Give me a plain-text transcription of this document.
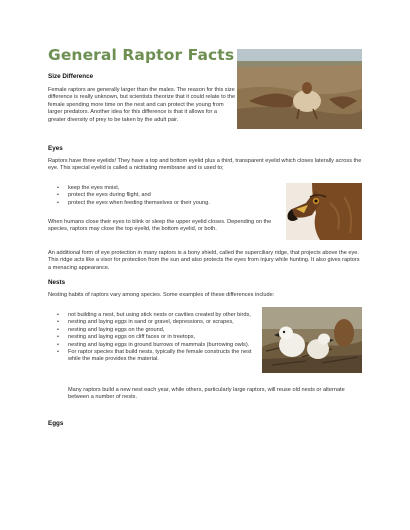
General Raptor Facts
Size Difference

Female raptors are generally larger than the males. The reason for this size difference is really unknown, but scientists theorize that it could relate to the female spending more time on the nest and can protect the young from larger predators. Another idea for this difference is that it allows for a greater diversity of prey to be taken by the adult pair.

Eyes

Raptors have three eyelids! They have a top and bottom eyelid plus a third, transparent eyelid which closes laterally across the eye. This special eyelid is called a nictitating membrane and is used to;

• keep the eyes moist,
• protect the eyes during flight, and
• protect the eyes when feeding themselves or their young.

When humans close their eyes to blink or sleep the upper eyelid closes. Depending on the species, raptors may close the top eyelid, the bottom eyelid, or both.

An additional form of eye protection in many raptors is a bony shield, called the superciliary ridge, that projects above the eye. This ridge acts like a visor for protection from the sun and also protects the eyes from injury while hunting. It also gives raptors a menacing appearance.

Nests

Nesting habits of raptors vary among species. Some examples of these differences include:

• not building a nest, but using stick nests or cavities created by other birds,
• nesting and laying eggs in sand or gravel, depressions, or scrapes,
• nesting and laying eggs on the ground,
• nesting and laying eggs on cliff faces or in treetops,
• nesting and laying eggs in ground burrows of mammals (burrowing owls).
• For raptor species that build nests, typically the female constructs the nest while the male provides the material.

Many raptors build a new nest each year, while others, particularly large raptors, will reuse old nests or alternate between a number of nests.

Eggs
